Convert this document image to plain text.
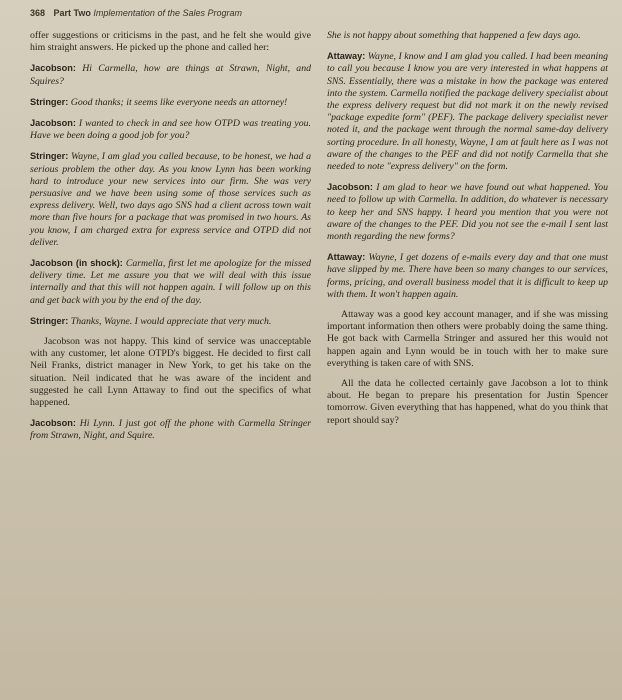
368 Part Two Implementation of the Sales Program

offer suggestions or criticisms in the past, and he felt she would give him straight answers. He picked up the phone and called her:

Jacobson: Hi Carmella, how are things at Strawn, Night, and Squires?
Stringer: Good thanks; it seems like everyone needs an attorney!
Jacobson: I wanted to check in and see how OTPD was treating you. Have we been doing a good job for you?
Stringer: Wayne, I am glad you called because, to be honest, we had a serious problem the other day. As you know Lynn has been working hard to introduce your new services into our firm. She was very persuasive and we have been using some of those services such as express delivery. Well, two days ago SNS had a client across town wait more than five hours for a package that was promised in two hours. As you know, I am charged extra for express service and OTPD did not deliver.
Jacobson (in shock): Carmella, first let me apologize for the missed delivery time. Let me assure you that we will deal with this issue internally and that this will not happen again. I will follow up on this and get back with you by the end of the day.
Stringer: Thanks, Wayne. I would appreciate that very much.

Jacobson was not happy. This kind of service was unacceptable with any customer, let alone OTPD's biggest. He decided to first call Neil Franks, district manager in New York, to get his take on the situation. Neil indicated that he was aware of the incident and suggested he call Lynn Attaway to find out the specifics of what happened.

Jacobson: Hi Lynn. I just got off the phone with Carmella Stringer from Strawn, Night, and Squire.

She is not happy about something that happened a few days ago.

Attaway: Wayne, I know and I am glad you called. I had been meaning to call you because I know you are very interested in what happens at SNS. Essentially, there was a mistake in how the package was entered into the system. Carmella notified the package delivery specialist about the express delivery request but did not mark it on the newly revised "package expedite form" (PEF). The package delivery specialist never noted it, and the package went through the normal same-day delivery sorting procedure. In all honesty, Wayne, I am at fault here as I was not aware of the changes to the PEF and did not notify Carmella that she needed to note "express delivery" on the form.
Jacobson: I am glad to hear we have found out what happened. You need to follow up with Carmella. In addition, do whatever is necessary to keep her and SNS happy. I heard you mention that you were not aware of the changes to the PEF. Did you not see the e-mail I sent last month regarding the new forms?
Attaway: Wayne, I get dozens of e-mails every day and that one must have slipped by me. There have been so many changes to our services, forms, pricing, and overall business model that it is difficult to keep up with them. It won't happen again.

Attaway was a good key account manager, and if she was missing important information then others were probably doing the same thing. He got back with Carmella Stringer and assured her this would not happen again and Lynn would be in touch with her to make sure everything is taken care of with SNS.

All the data he collected certainly gave Jacobson a lot to think about. He began to prepare his presentation for Justin Spencer tomorrow. Given everything that has happened, what do you think that report should say?
